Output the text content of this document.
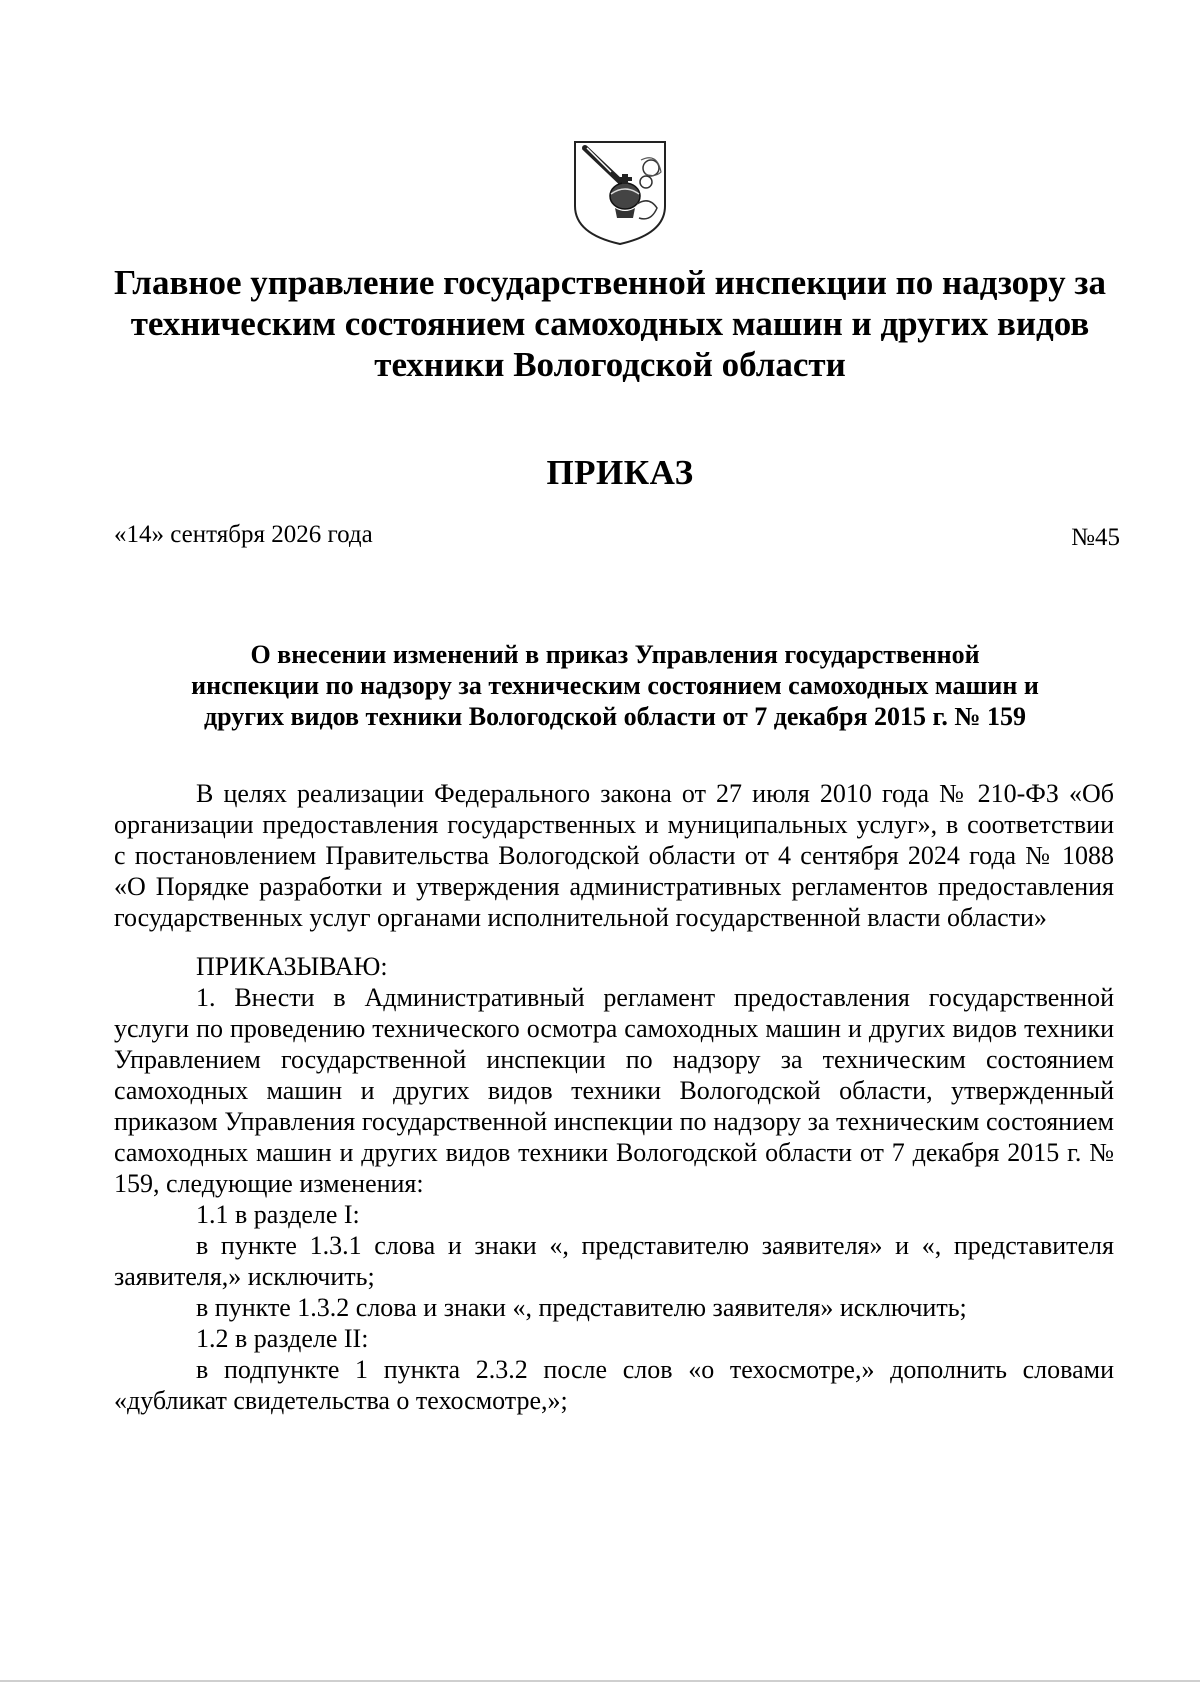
Главное управление государственной инспекции по надзору за
техническим состоянием самоходных машин и других видов
техники Вологодской области
ПРИКАЗ
«14» сентября 2026 года	№45
О внесении изменений в приказ Управления государственной
инспекции по надзору за техническим состоянием самоходных машин и
других видов техники Вологодской области от 7 декабря 2015 г. № 159

В целях реализации Федерального закона от 27 июля 2010 года № 210-ФЗ «Об организации предоставления государственных и муниципальных услуг», в соответствии с постановлением Правительства Вологодской области от 4 сентября 2024 года № 1088 «О Порядке разработки и утверждения административных регламентов предоставления государственных услуг органами исполнительной государственной власти области»

ПРИКАЗЫВАЮ:

1. Внести в Административный регламент предоставления государственной услуги по проведению технического осмотра самоходных машин и других видов техники Управлением государственной инспекции по надзору за техническим состоянием самоходных машин и других видов техники Вологодской области, утвержденный приказом Управления государственной инспекции по надзору за техническим состоянием самоходных машин и других видов техники Вологодской области от 7 декабря 2015 г. № 159, следующие изменения:

1.1 в разделе I:

в пункте 1.3.1 слова и знаки «, представителю заявителя» и «, представителя заявителя,» исключить;

в пункте 1.3.2 слова и знаки «, представителю заявителя» исключить;

1.2 в разделе II:

в подпункте 1 пункта 2.3.2 после слов «о техосмотре,» дополнить словами «дубликат свидетельства о техосмотре,»;
